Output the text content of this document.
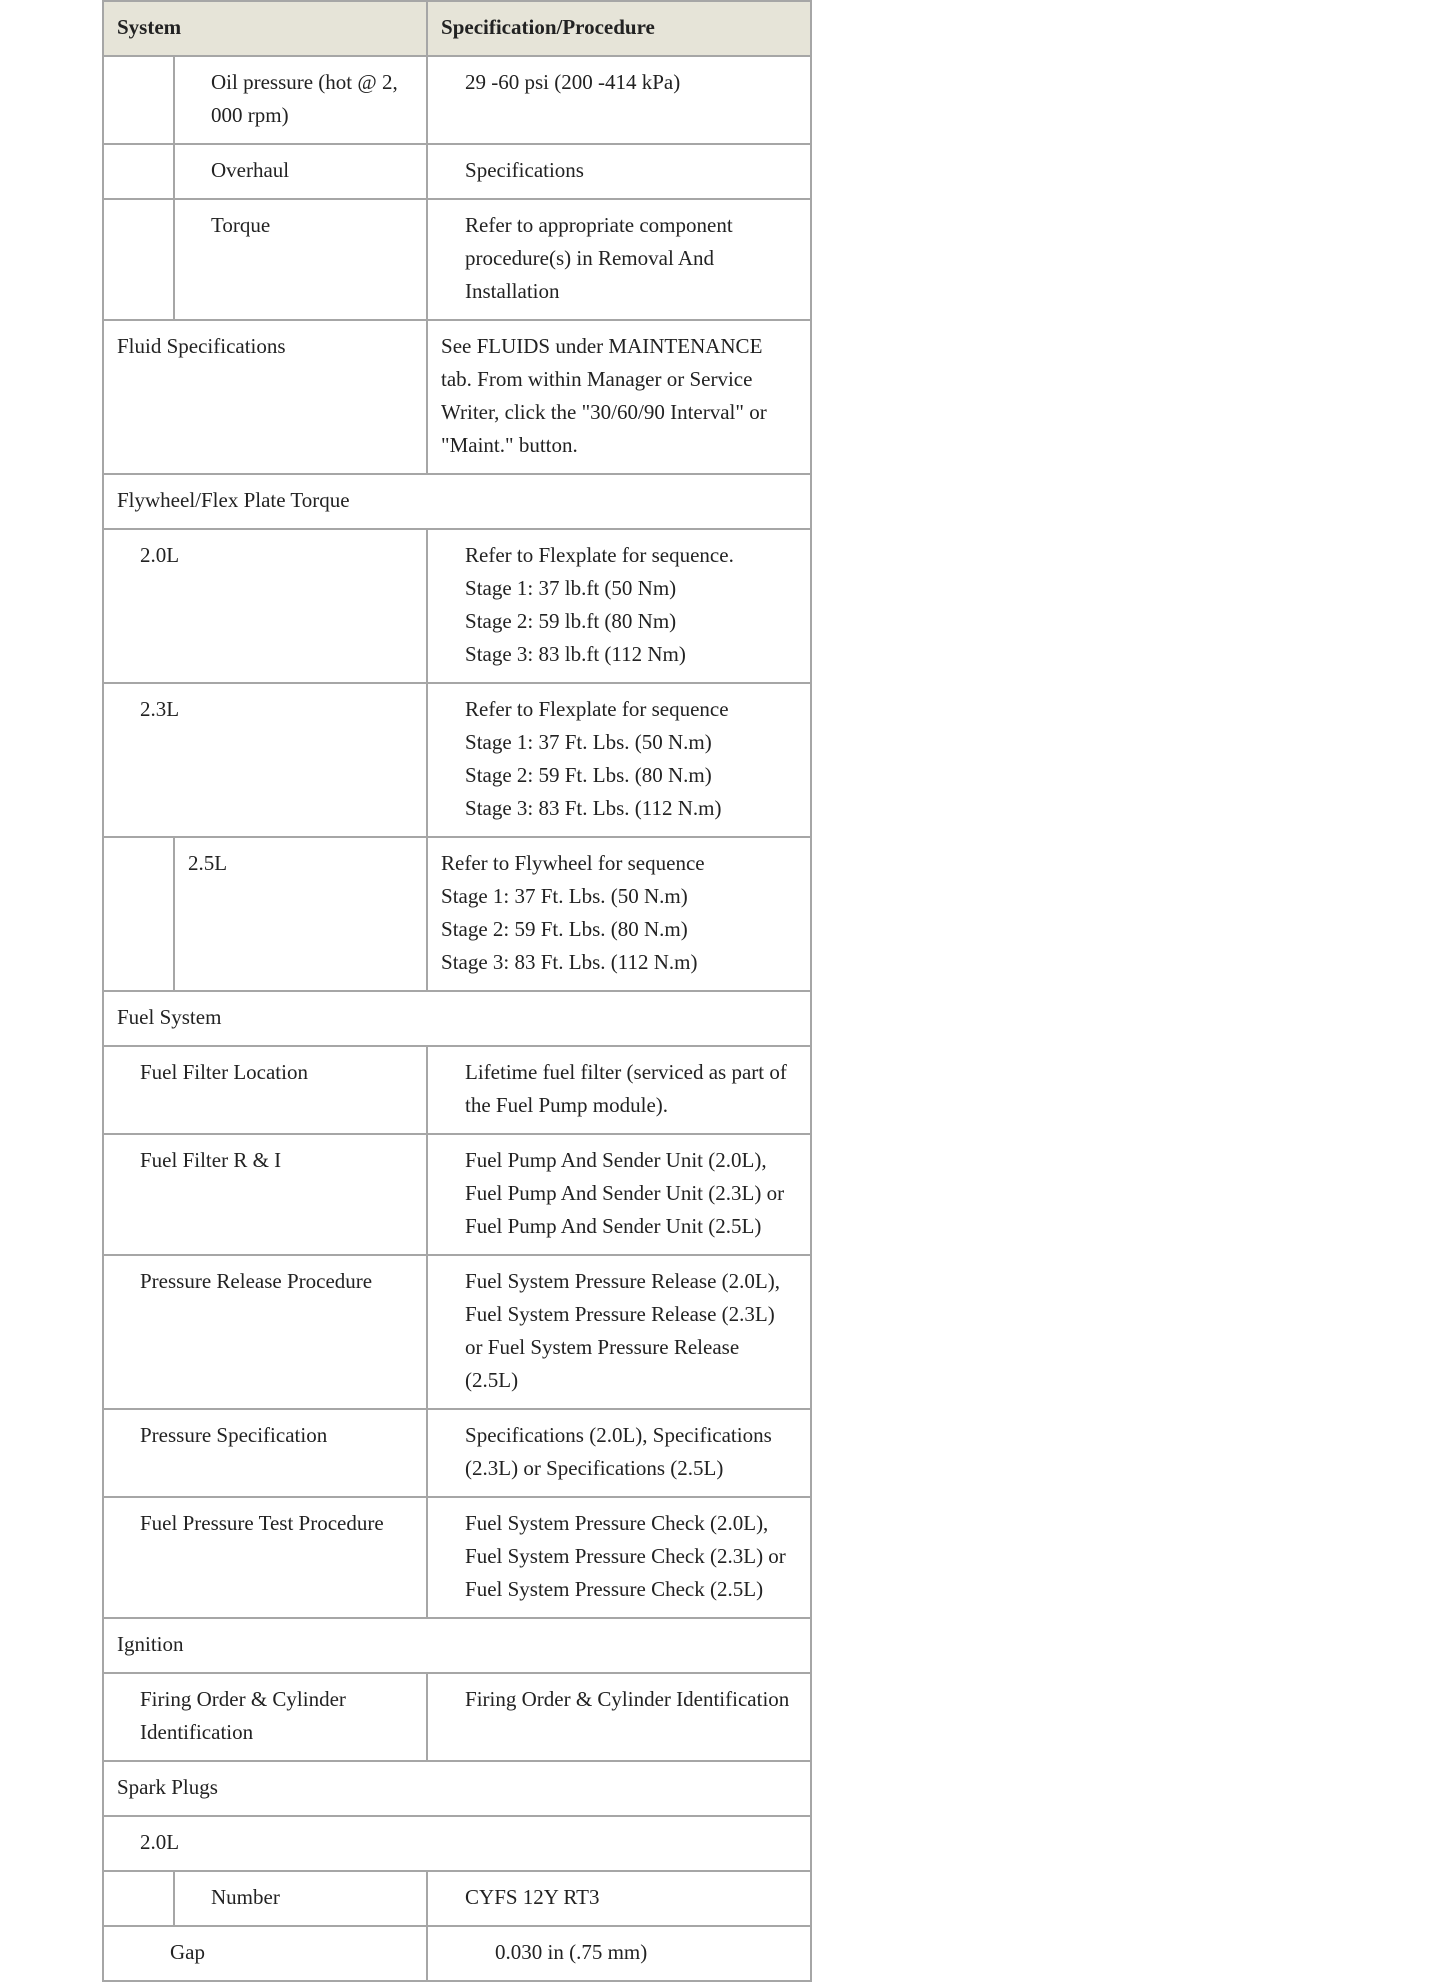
System		Specification/Procedure
	Oil pressure (hot @ 2, 000 rpm)	29 -60 psi (200 -414 kPa)
	Overhaul	Specifications
	Torque	Refer to appropriate component procedure(s) in Removal And Installation
Fluid Specifications		See FLUIDS under MAINTENANCE tab. From within Manager or Service Writer, click the "30/60/90 Interval" or "Maint." button.
Flywheel/Flex Plate Torque		
2.0L		Refer to Flexplate for sequence.
Stage 1: 37 lb.ft (50 Nm)
Stage 2: 59 lb.ft (80 Nm)
Stage 3: 83 lb.ft (112 Nm)

2.3L		Refer to Flexplate for sequence
Stage 1: 37 Ft. Lbs. (50 N.m)
Stage 2: 59 Ft. Lbs. (80 N.m)
Stage 3: 83 Ft. Lbs. (112 N.m)

	2.5L	Refer to Flywheel for sequence
Stage 1: 37 Ft. Lbs. (50 N.m)
Stage 2: 59 Ft. Lbs. (80 N.m)
Stage 3: 83 Ft. Lbs. (112 N.m)

Fuel System		
Fuel Filter Location		Lifetime fuel filter (serviced as part of the Fuel Pump module).
Fuel Filter R & I		Fuel Pump And Sender Unit (2.0L), Fuel Pump And Sender Unit (2.3L) or Fuel Pump And Sender Unit (2.5L)
Pressure Release Procedure		Fuel System Pressure Release (2.0L), Fuel System Pressure Release (2.3L) or Fuel System Pressure Release (2.5L)
Pressure Specification		Specifications (2.0L), Specifications (2.3L) or Specifications (2.5L)
Fuel Pressure Test Procedure		Fuel System Pressure Check (2.0L), Fuel System Pressure Check (2.3L) or Fuel System Pressure Check (2.5L)
Ignition		
Firing Order & Cylinder Identification		Firing Order & Cylinder Identification
Spark Plugs		
2.0L		
	Number	CYFS 12Y RT3
Gap		0.030 in (.75 mm)
